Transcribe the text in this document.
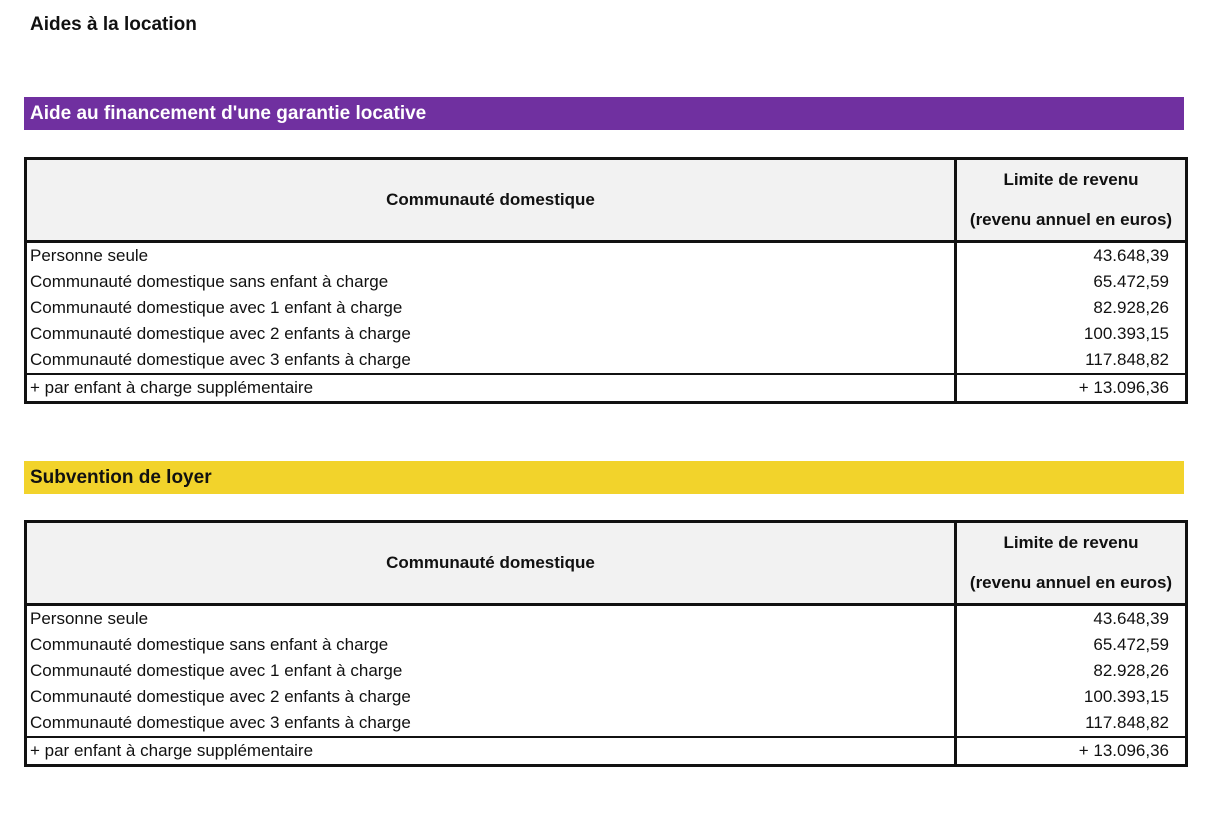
Aides à la location
Aide au financement d'une garantie locative
Communauté domestique	Limite de revenu
(revenu annuel en euros)

Personne seule	43.648,39
Communauté domestique sans enfant à charge	65.472,59
Communauté domestique avec 1 enfant à charge	82.928,26
Communauté domestique avec 2 enfants à charge	100.393,15
Communauté domestique avec 3 enfants à charge	117.848,82
+ par enfant à charge supplémentaire	+ 13.096,36
Subvention de loyer
Communauté domestique	Limite de revenu
(revenu annuel en euros)

Personne seule	43.648,39
Communauté domestique sans enfant à charge	65.472,59
Communauté domestique avec 1 enfant à charge	82.928,26
Communauté domestique avec 2 enfants à charge	100.393,15
Communauté domestique avec 3 enfants à charge	117.848,82
+ par enfant à charge supplémentaire	+ 13.096,36
